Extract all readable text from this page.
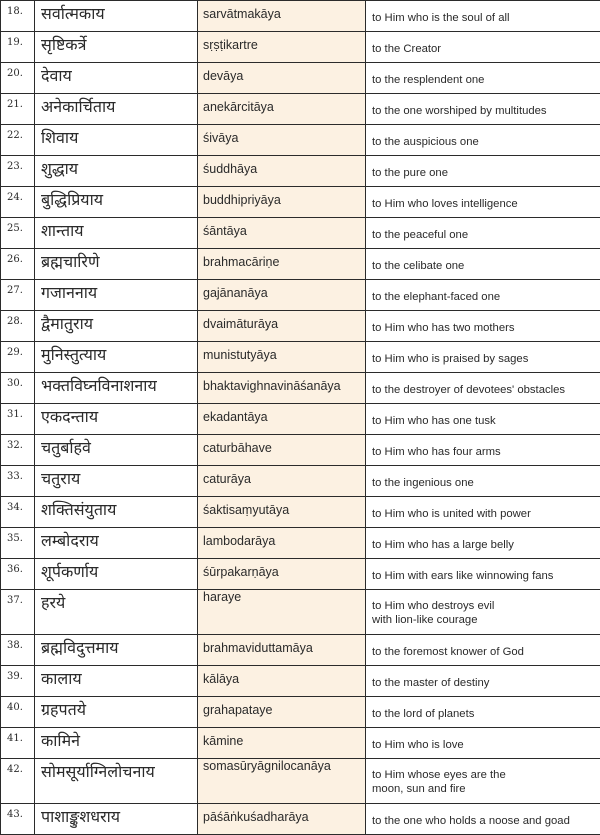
18.	सर्वात्मकाय	sarvātmakāya	to Him who is the soul of all
19.	सृष्टिकर्त्रे	sṛṣṭikartre	to the Creator
20.	देवाय	devāya	to the resplendent one
21.	अनेकार्चिताय	anekārcitāya	to the one worshiped by multitudes
22.	शिवाय	śivāya	to the auspicious one
23.	शुद्धाय	śuddhāya	to the pure one
24.	बुद्धिप्रियाय	buddhipriyāya	to Him who loves intelligence
25.	शान्ताय	śāntāya	to the peaceful one
26.	ब्रह्मचारिणे	brahmacāriṇe	to the celibate one
27.	गजाननाय	gajānanāya	to the elephant-faced one
28.	द्वैमातुराय	dvaimāturāya	to Him who has two mothers
29.	मुनिस्तुत्याय	munistutyāya	to Him who is praised by sages
30.	भक्तविघ्नविनाशनाय	bhaktavighnavināśanāya	to the destroyer of devotees' obstacles
31.	एकदन्ताय	ekadantāya	to Him who has one tusk
32.	चतुर्बाहवे	caturbāhave	to Him who has four arms
33.	चतुराय	caturāya	to the ingenious one
34.	शक्तिसंयुताय	śaktisaṃyutāya	to Him who is united with power
35.	लम्बोदराय	lambodarāya	to Him who has a large belly
36.	शूर्पकर्णाय	śūrpakarṇāya	to Him with ears like winnowing fans
37.	हरये	haraye	to Him who destroys evil
with lion-like courage
38.	ब्रह्मविदुत्तमाय	brahmaviduttamāya	to the foremost knower of God
39.	कालाय	kālāya	to the master of destiny
40.	ग्रहपतये	grahapataye	to the lord of planets
41.	कामिने	kāmine	to Him who is love
42.	सोमसूर्याग्निलोचनाय	somasūryāgnilocanāya	to Him whose eyes are the
moon, sun and fire
43.	पाशाङ्कुशधराय	pāśāṅkuśadharāya	to the one who holds a noose and goad
